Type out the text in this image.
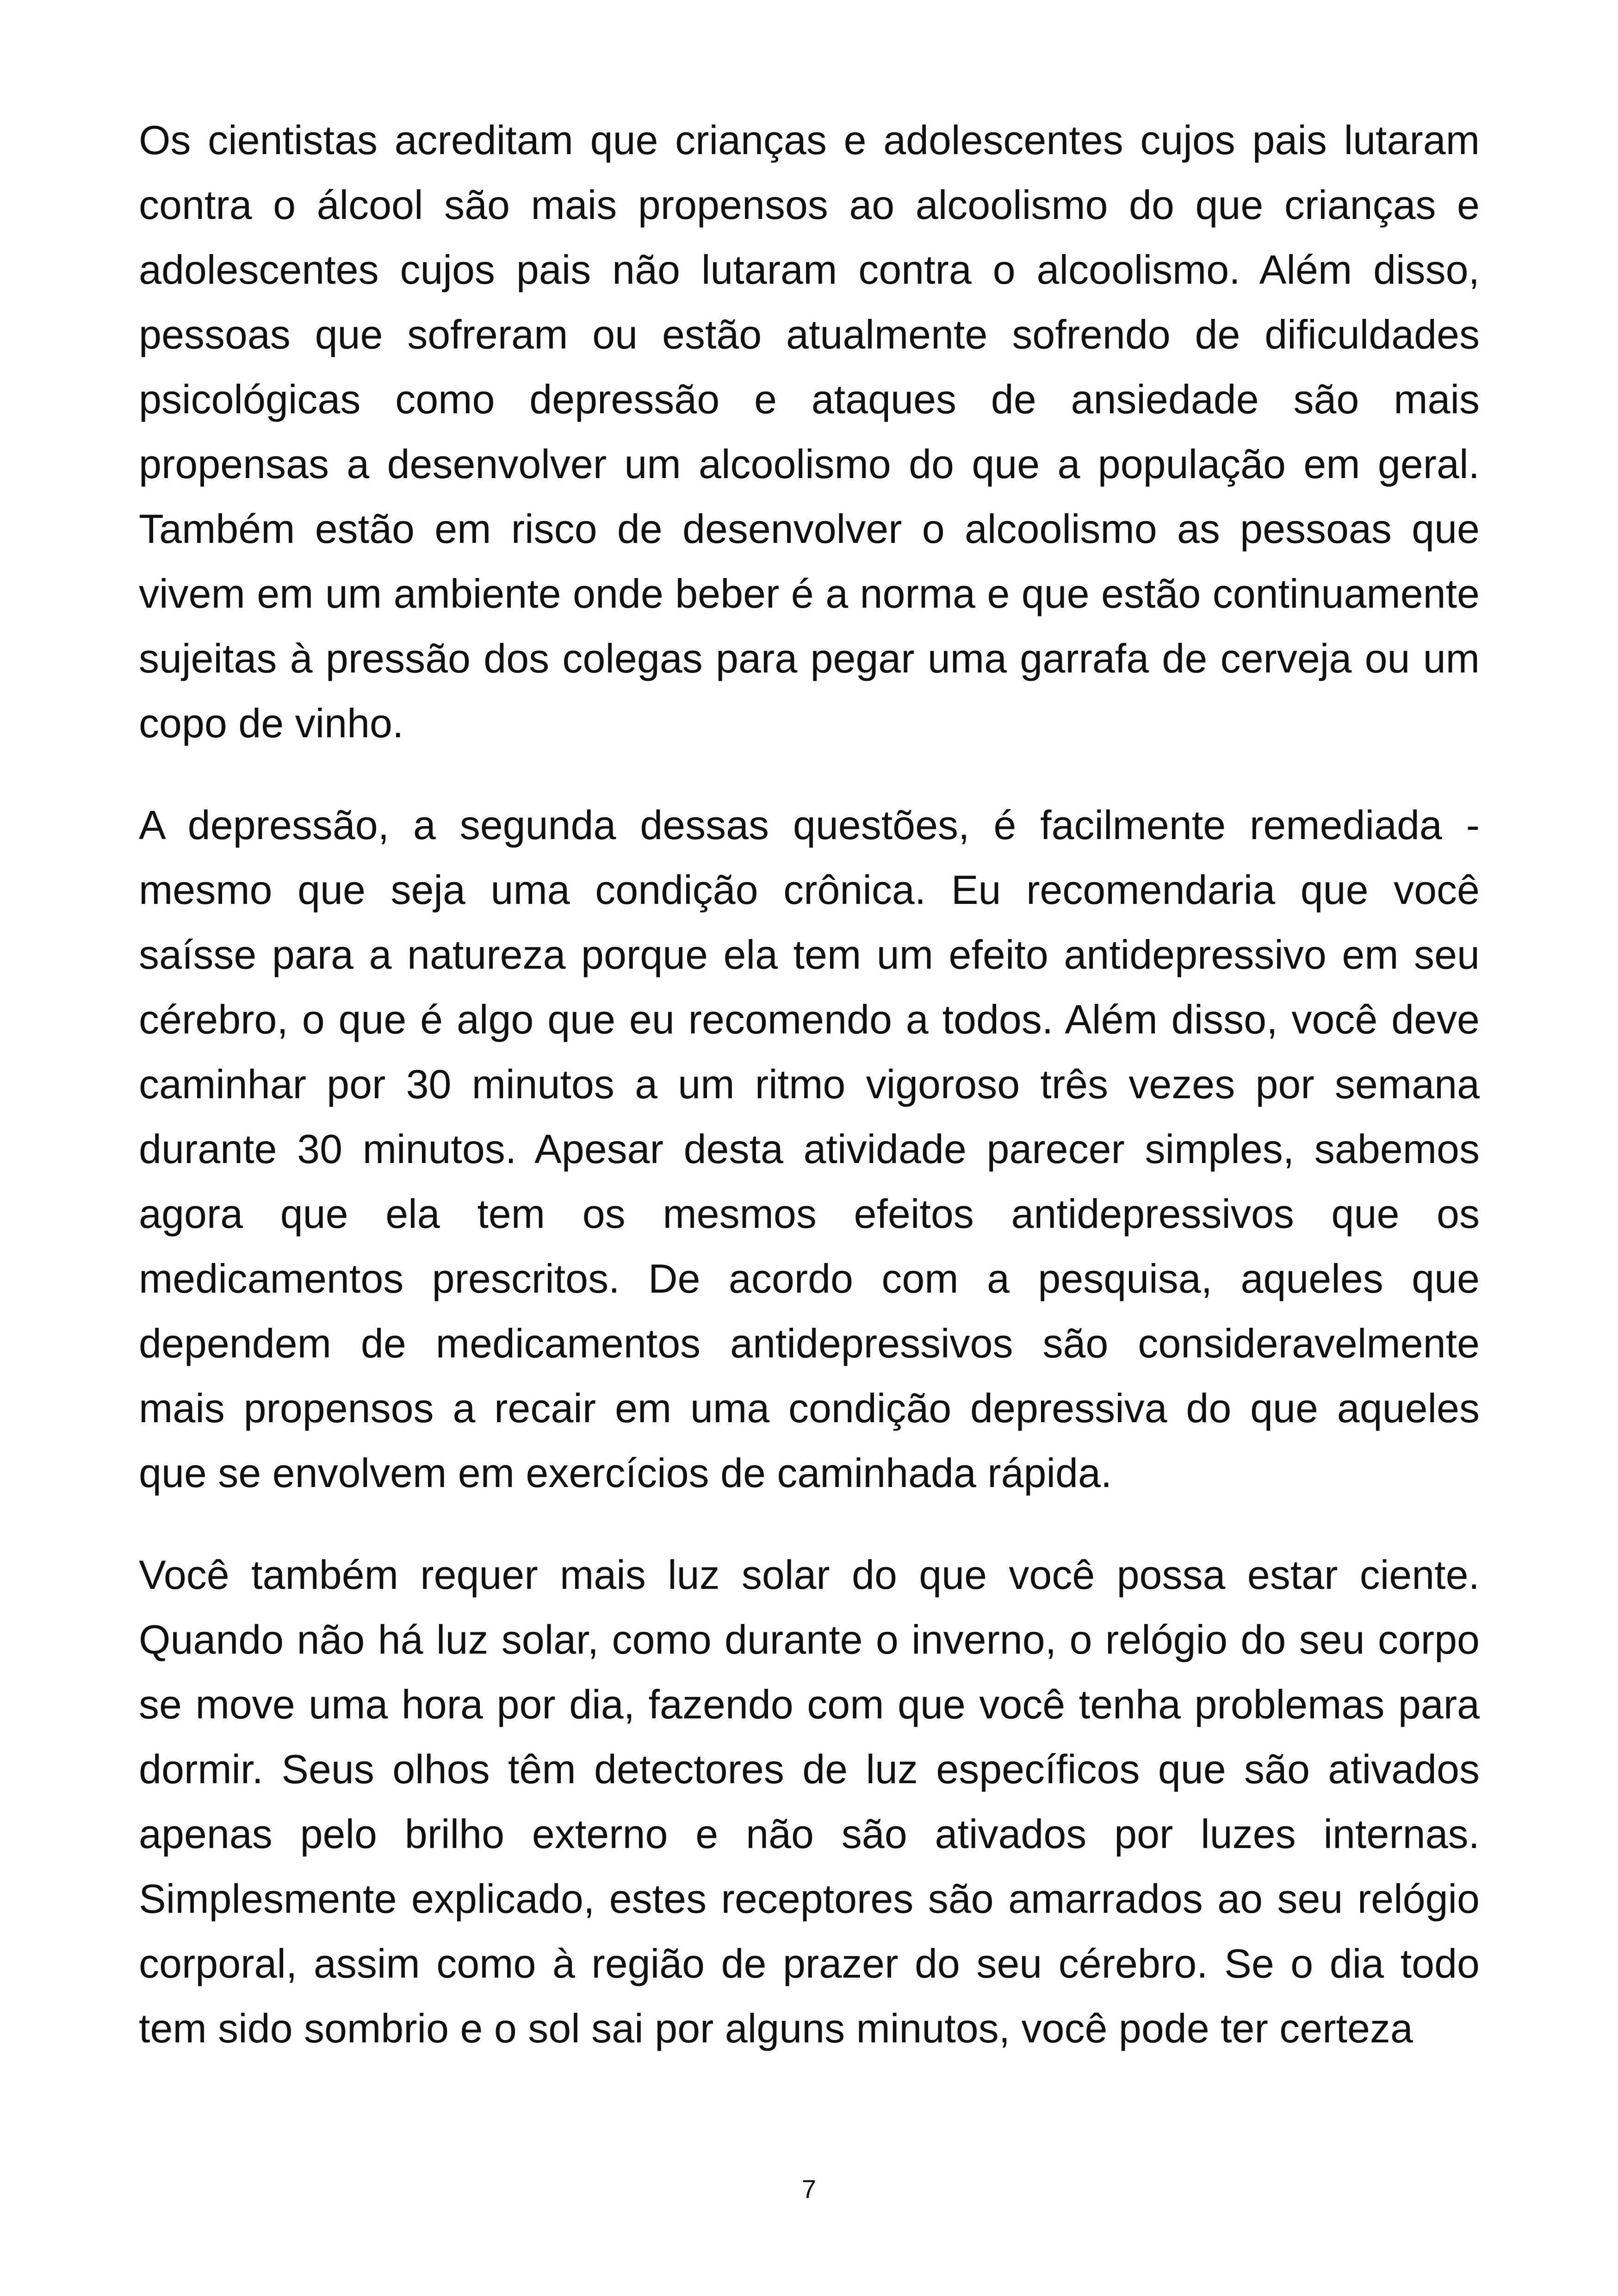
Os cientistas acreditam que crianças e adolescentes cujos pais lutaram contra o álcool são mais propensos ao alcoolismo do que crianças e adolescentes cujos pais não lutaram contra o alcoolismo. Além disso, pessoas que sofreram ou estão atualmente sofrendo de dificuldades psicológicas como depressão e ataques de ansiedade são mais propensas a desenvolver um alcoolismo do que a população em geral. Também estão em risco de desenvolver o alcoolismo as pessoas que vivem em um ambiente onde beber é a norma e que estão continuamente sujeitas à pressão dos colegas para pegar uma garrafa de cerveja ou um copo de vinho.

A depressão, a segunda dessas questões, é facilmente remediada - mesmo que seja uma condição crônica. Eu recomendaria que você saísse para a natureza porque ela tem um efeito antidepressivo em seu cérebro, o que é algo que eu recomendo a todos. Além disso, você deve caminhar por 30 minutos a um ritmo vigoroso três vezes por semana durante 30 minutos. Apesar desta atividade parecer simples, sabemos agora que ela tem os mesmos efeitos antidepressivos que os medicamentos prescritos. De acordo com a pesquisa, aqueles que dependem de medicamentos antidepressivos são consideravelmente mais propensos a recair em uma condição depressiva do que aqueles que se envolvem em exercícios de caminhada rápida.

Você também requer mais luz solar do que você possa estar ciente. Quando não há luz solar, como durante o inverno, o relógio do seu corpo se move uma hora por dia, fazendo com que você tenha problemas para dormir. Seus olhos têm detectores de luz específicos que são ativados apenas pelo brilho externo e não são ativados por luzes internas. Simplesmente explicado, estes receptores são amarrados ao seu relógio corporal, assim como à região de prazer do seu cérebro. Se o dia todo tem sido sombrio e o sol sai por alguns minutos, você pode ter certeza

7
